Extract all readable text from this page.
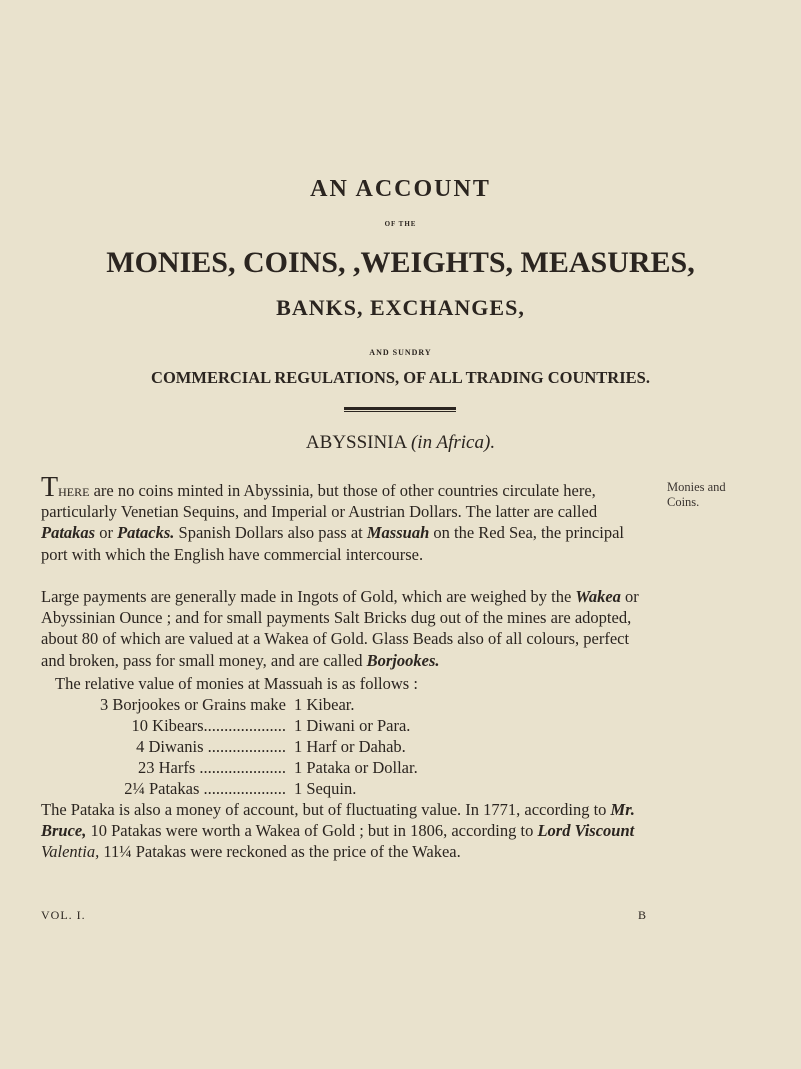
AN ACCOUNT
OF THE
MONIES, COINS, ,WEIGHTS, MEASURES,
BANKS, EXCHANGES,
AND SUNDRY
COMMERCIAL REGULATIONS, OF ALL TRADING COUNTRIES.
ABYSSINIA (in Africa).
Monies and Coins.
There are no coins minted in Abyssinia, but those of other countries circulate here, particularly Venetian Sequins, and Imperial or Austrian Dollars. The latter are called Patakas or Patacks. Spanish Dollars also pass at Massuah on the Red Sea, the principal port with which the English have commercial intercourse.
Large payments are generally made in Ingots of Gold, which are weighed by the Wakea or Abyssinian Ounce ; and for small payments Salt Bricks dug out of the mines are adopted, about 80 of which are valued at a Wakea of Gold. Glass Beads also of all colours, perfect and broken, pass for small money, and are called Borjookes.
The relative value of monies at Massuah is as follows :
3 Borjookes or Grains make 1 Kibear.
10 Kibears.................... 1 Diwani or Para.
4 Diwanis ................... 1 Harf or Dahab.
23 Harfs ..................... 1 Pataka or Dollar.
2¼ Patakas .................... 1 Sequin.
The Pataka is also a money of account, but of fluctuating value. In 1771, according to Mr. Bruce, 10 Patakas were worth a Wakea of Gold ; but in 1806, according to Lord Viscount Valentia, 11¼ Patakas were reckoned as the price of the Wakea.
VOL. I.	B
